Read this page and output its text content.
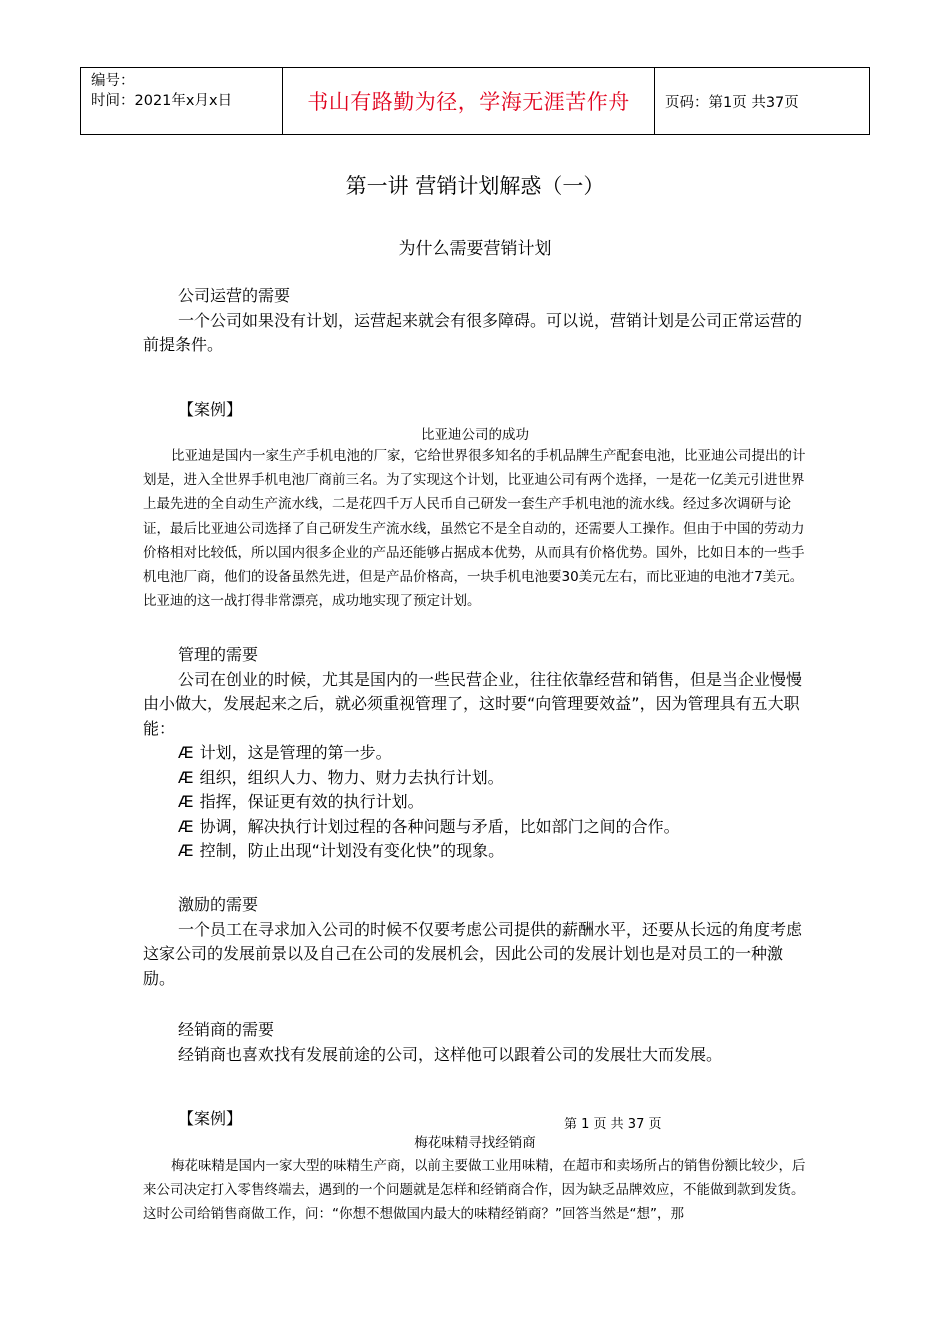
编号：
时间：2021年x月x日	书山有路勤为径，学海无涯苦作舟 页码：第1页 共37页
第一讲 营销计划解惑（一）
为什么需要营销计划

公司运营的需要

一个公司如果没有计划，运营起来就会有很多障碍。可以说，营销计划是公司正常运营的前提条件。

【案例】
比亚迪公司的成功

比亚迪是国内一家生产手机电池的厂家，它给世界很多知名的手机品牌生产配套电池，比亚迪公司提出的计划是，进入全世界手机电池厂商前三名。为了实现这个计划，比亚迪公司有两个选择，一是花一亿美元引进世界上最先进的全自动生产流水线，二是花四千万人民币自己研发一套生产手机电池的流水线。经过多次调研与论证，最后比亚迪公司选择了自己研发生产流水线，虽然它不是全自动的，还需要人工操作。但由于中国的劳动力价格相对比较低，所以国内很多企业的产品还能够占据成本优势，从而具有价格优势。国外，比如日本的一些手机电池厂商，他们的设备虽然先进，但是产品价格高，一块手机电池要30美元左右，而比亚迪的电池才7美元。比亚迪的这一战打得非常漂亮，成功地实现了预定计划。

管理的需要

公司在创业的时候，尤其是国内的一些民营企业，往往依靠经营和销售，但是当企业慢慢由小做大，发展起来之后，就必须重视管理了，这时要“向管理要效益”，因为管理具有五大职能：

Æ 计划，这是管理的第一步。

Æ 组织，组织人力、物力、财力去执行计划。

Æ 指挥，保证更有效的执行计划。

Æ 协调，解决执行计划过程的各种问题与矛盾，比如部门之间的合作。

Æ 控制，防止出现“计划没有变化快”的现象。

激励的需要

一个员工在寻求加入公司的时候不仅要考虑公司提供的薪酬水平，还要从长远的角度考虑这家公司的发展前景以及自己在公司的发展机会，因此公司的发展计划也是对员工的一种激励。

经销商的需要

经销商也喜欢找有发展前途的公司，这样他可以跟着公司的发展壮大而发展。

【案例】	第 1 页 共 37 页
梅花味精寻找经销商

梅花味精是国内一家大型的味精生产商，以前主要做工业用味精，在超市和卖场所占的销售份额比较少，后来公司决定打入零售终端去，遇到的一个问题就是怎样和经销商合作，因为缺乏品牌效应，不能做到款到发货。这时公司给销售商做工作，问：“你想不想做国内最大的味精经销商？”回答当然是“想”，那
